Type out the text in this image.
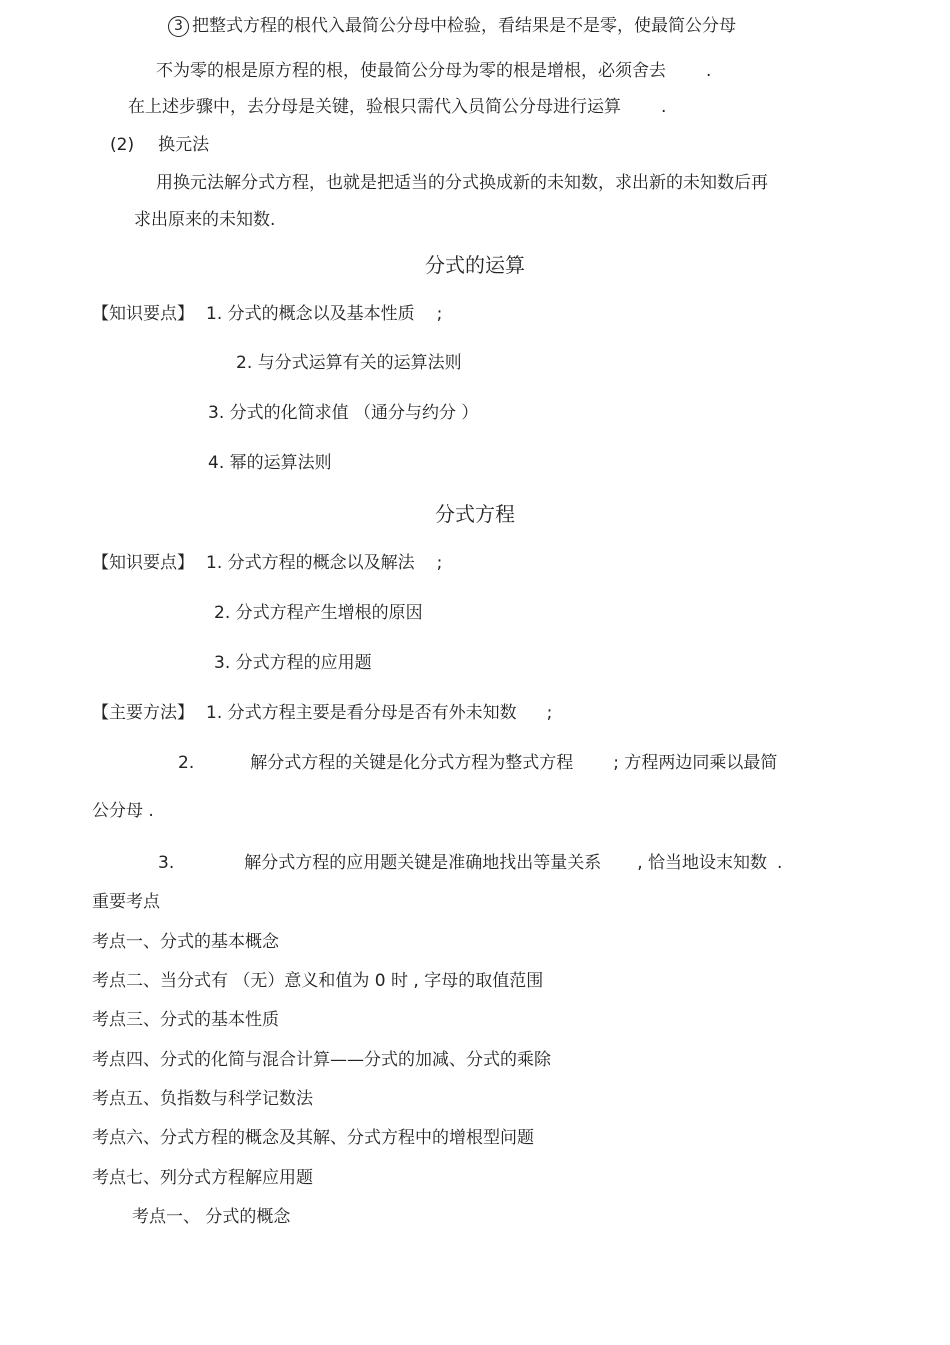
3 把整式方程的根代入最简公分母中检验，看结果是不是零，使最简公分母
不为零的根是原方程的根，使最简公分母为零的根是增根，必须舍去 .
在上述步骤中，去分母是关键，验根只需代入员简公分母进行运算 .
(2) 换元法
用换元法解分式方程，也就是把适当的分式换成新的未知数，求出新的未知数后再
求出原来的未知数.
分式的运算
【知识要点】 1. 分式的概念以及基本性质 ;
2. 与分式运算有关的运算法则
3. 分式的化简求值 （通分与约分 ）
4. 幂的运算法则
分式方程
【知识要点】 1. 分式方程的概念以及解法 ;
2. 分式方程产生增根的原因
3. 分式方程的应用题
【主要方法】 1. 分式方程主要是看分母是否有外未知数 ;
2.	解分式方程的关键是化分式方程为整式方程 ; 方程两边同乘以最简
公分母 .
3.	解分式方程的应用题关键是准确地找出等量关系 , 恰当地设末知数 .
重要考点
考点一、分式的基本概念
考点二、当分式有 （无）意义和值为 0 时 , 字母的取值范围
考点三、分式的基本性质
考点四、分式的化简与混合计算——分式的加减、分式的乘除
考点五、负指数与科学记数法
考点六、分式方程的概念及其解、分式方程中的增根型问题
考点七、列分式方程解应用题
考点一、 分式的概念
